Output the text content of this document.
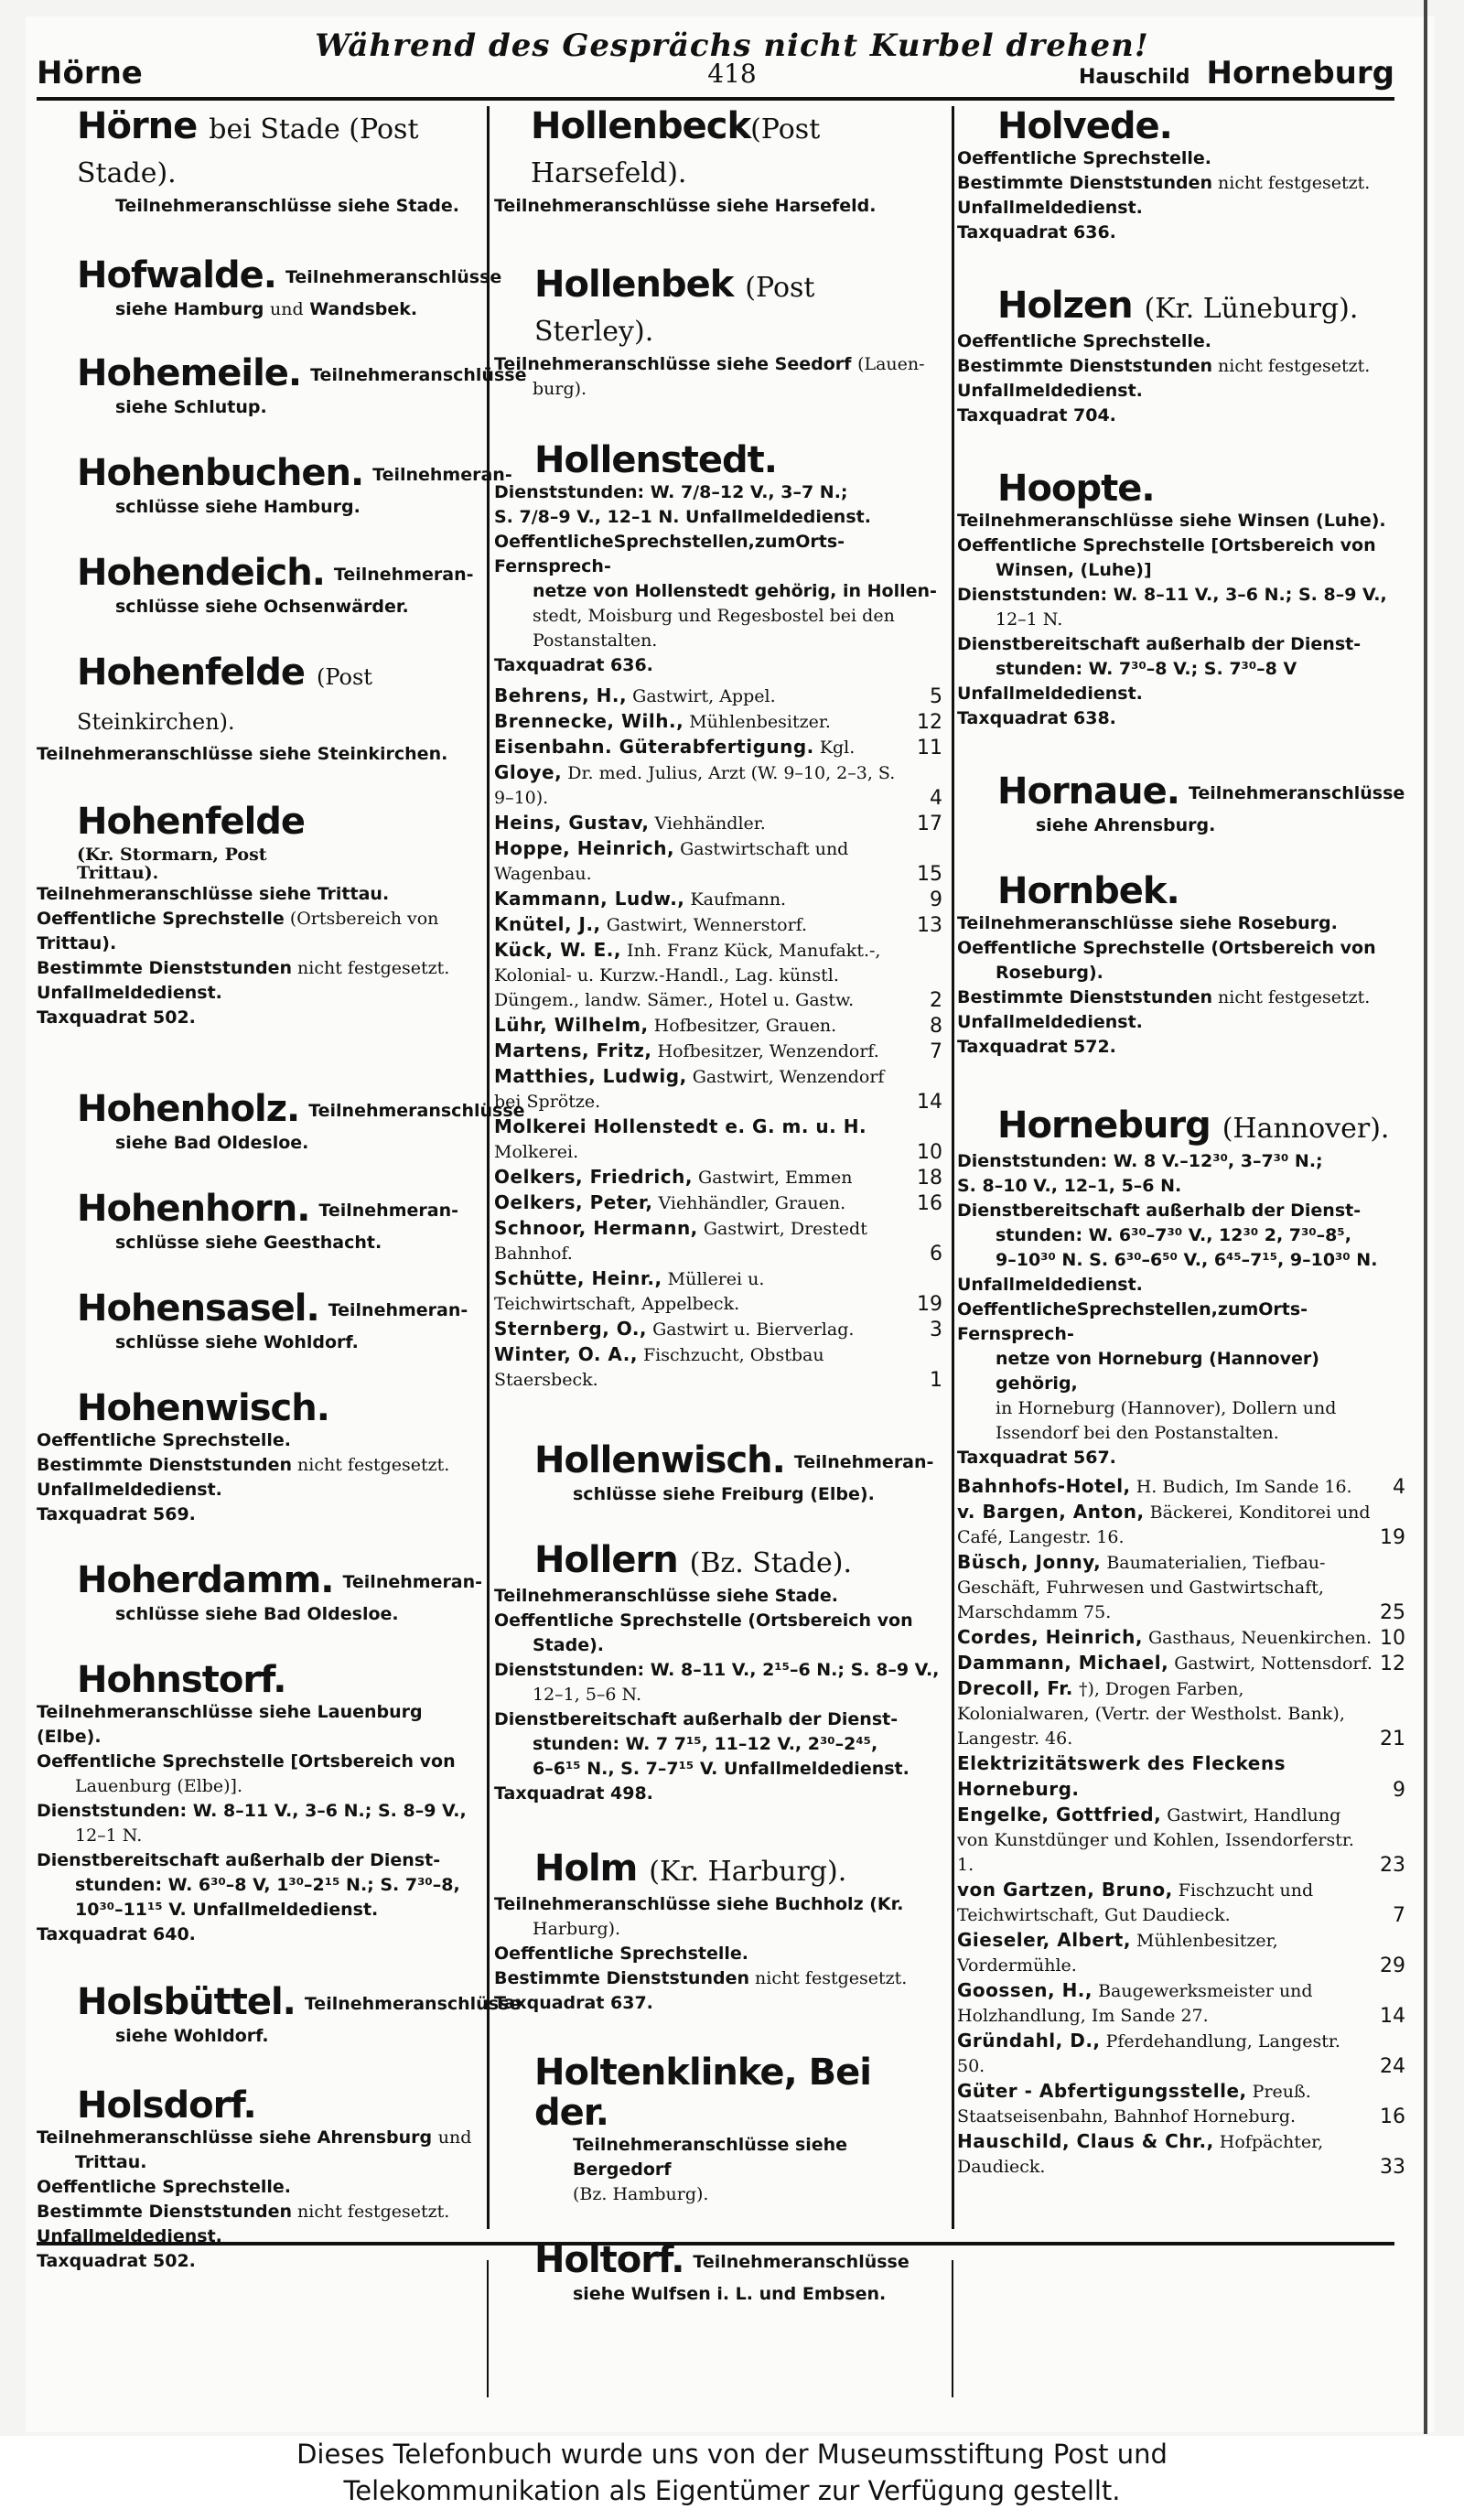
Während des Gesprächs nicht Kurbel drehen!
Hörne	418	Hauschild Horneburg
Hörne bei Stade (Post Stade).
Teilnehmeranschlüsse siehe Stade.
Hofwalde. Teilnehmeranschlüsse
siehe Hamburg und Wandsbek.
Hohemeile. Teilnehmeranschlüsse
siehe Schlutup.
Hohenbuchen. Teilnehmeran-
schlüsse siehe Hamburg.
Hohendeich. Teilnehmeran-
schlüsse siehe Ochsenwärder.
Hohenfelde (Post Steinkirchen).
Teilnehmeranschlüsse siehe Steinkirchen.
Hohenfelde (Kr. Stormarn, Post Trittau).
Teilnehmeranschlüsse siehe Trittau.
Oeffentliche Sprechstelle (Ortsbereich von
Trittau).
Bestimmte Dienststunden nicht festgesetzt.
Unfallmeldedienst.
Taxquadrat 502.
Hohenholz. Teilnehmeranschlüsse
siehe Bad Oldesloe.
Hohenhorn. Teilnehmeran-
schlüsse siehe Geesthacht.
Hohensasel. Teilnehmeran-
schlüsse siehe Wohldorf.
Hohenwisch.
Oeffentliche Sprechstelle.
Bestimmte Dienststunden nicht festgesetzt.
Unfallmeldedienst.
Taxquadrat 569.
Hoherdamm. Teilnehmeran-
schlüsse siehe Bad Oldesloe.
Hohnstorf.
Teilnehmeranschlüsse siehe Lauenburg (Elbe).
Oeffentliche Sprechstelle [Ortsbereich von
Lauenburg (Elbe)].
Dienststunden: W. 8–11 V., 3–6 N.; S. 8–9 V.,
12–1 N.
Dienstbereitschaft außerhalb der Dienst-
stunden: W. 6³⁰–8 V, 1³⁰–2¹⁵ N.; S. 7³⁰–8,
10³⁰–11¹⁵ V. Unfallmeldedienst.
Taxquadrat 640.
Holsbüttel. Teilnehmeranschlüsse
siehe Wohldorf.
Holsdorf.
Teilnehmeranschlüsse siehe Ahrensburg und
Trittau.
Oeffentliche Sprechstelle.
Bestimmte Dienststunden nicht festgesetzt.
Unfallmeldedienst.
Taxquadrat 502.
Hollenbeck(Post Harsefeld).
Teilnehmeranschlüsse siehe Harsefeld.
Hollenbek (Post Sterley).
Teilnehmeranschlüsse siehe Seedorf (Lauen-
burg).
Hollenstedt.
Dienststunden: W. 7/8–12 V., 3–7 N.;
S. 7/8–9 V., 12–1 N. Unfallmeldedienst.
OeffentlicheSprechstellen,zumOrts-Fernsprech-
netze von Hollenstedt gehörig, in Hollen-
stedt, Moisburg und Regesbostel bei den
Postanstalten.
Taxquadrat 636.
Behrens, H., Gastwirt, Appel.	5
Brennecke, Wilh., Mühlenbesitzer.	12
Eisenbahn. Güterabfertigung. Kgl.	11
Gloye, Dr. med. Julius, Arzt (W. 9–10, 2–3, S. 9–10).	4
Heins, Gustav, Viehhändler.	17
Hoppe, Heinrich, Gastwirtschaft und Wagenbau.	15
Kammann, Ludw., Kaufmann.	9
Knütel, J., Gastwirt, Wennerstorf.	13
Kück, W. E., Inh. Franz Kück, Manufakt.-, Kolonial- u. Kurzw.-Handl., Lag. künstl. Düngem., landw. Sämer., Hotel u. Gastw.	2
Lühr, Wilhelm, Hofbesitzer, Grauen.	8
Martens, Fritz, Hofbesitzer, Wenzendorf.	7
Matthies, Ludwig, Gastwirt, Wenzendorf bei Sprötze.	14
Molkerei Hollenstedt e. G. m. u. H. Molkerei.	10
Oelkers, Friedrich, Gastwirt, Emmen	18
Oelkers, Peter, Viehhändler, Grauen.	16
Schnoor, Hermann, Gastwirt, Drestedt Bahnhof.	6
Schütte, Heinr., Müllerei u. Teichwirtschaft, Appelbeck.	19
Sternberg, O., Gastwirt u. Bierverlag.	3
Winter, O. A., Fischzucht, Obstbau Staersbeck.	1
Hollenwisch. Teilnehmeran-
schlüsse siehe Freiburg (Elbe).
Hollern (Bz. Stade).
Teilnehmeranschlüsse siehe Stade.
Oeffentliche Sprechstelle (Ortsbereich von
Stade).
Dienststunden: W. 8–11 V., 2¹⁵–6 N.; S. 8–9 V.,
12–1, 5–6 N.
Dienstbereitschaft außerhalb der Dienst-
stunden: W. 7 7¹⁵, 11–12 V., 2³⁰–2⁴⁵,
6–6¹⁵ N., S. 7–7¹⁵ V. Unfallmeldedienst.
Taxquadrat 498.
Holm (Kr. Harburg).
Teilnehmeranschlüsse siehe Buchholz (Kr.
Harburg).
Oeffentliche Sprechstelle.
Bestimmte Dienststunden nicht festgesetzt.
Taxquadrat 637.
Holtenklinke, Bei der.
Teilnehmeranschlüsse siehe Bergedorf
(Bz. Hamburg).
Holtorf. Teilnehmeranschlüsse
siehe Wulfsen i. L. und Embsen.
Holvede.
Oeffentliche Sprechstelle.
Bestimmte Dienststunden nicht festgesetzt.
Unfallmeldedienst.
Taxquadrat 636.
Holzen (Kr. Lüneburg).
Oeffentliche Sprechstelle.
Bestimmte Dienststunden nicht festgesetzt.
Unfallmeldedienst.
Taxquadrat 704.
Hoopte.
Teilnehmeranschlüsse siehe Winsen (Luhe).
Oeffentliche Sprechstelle [Ortsbereich von
Winsen, (Luhe)]
Dienststunden: W. 8–11 V., 3–6 N.; S. 8–9 V.,
12–1 N.
Dienstbereitschaft außerhalb der Dienst-
stunden: W. 7³⁰–8 V.; S. 7³⁰–8 V
Unfallmeldedienst.
Taxquadrat 638.
Hornaue. Teilnehmeranschlüsse
siehe Ahrensburg.
Hornbek.
Teilnehmeranschlüsse siehe Roseburg.
Oeffentliche Sprechstelle (Ortsbereich von
Roseburg).
Bestimmte Dienststunden nicht festgesetzt.
Unfallmeldedienst.
Taxquadrat 572.
Horneburg (Hannover).
Dienststunden: W. 8 V.–12³⁰, 3–7³⁰ N.;
S. 8–10 V., 12–1, 5–6 N.
Dienstbereitschaft außerhalb der Dienst-
stunden: W. 6³⁰–7³⁰ V., 12³⁰ 2, 7³⁰–8⁵,
9–10³⁰ N. S. 6³⁰–6⁵⁰ V., 6⁴⁵–7¹⁵, 9–10³⁰ N.
Unfallmeldedienst.
OeffentlicheSprechstellen,zumOrts-Fernsprech-
netze von Horneburg (Hannover) gehörig,
in Horneburg (Hannover), Dollern und
Issendorf bei den Postanstalten.
Taxquadrat 567.
Bahnhofs-Hotel, H. Budich, Im Sande 16.	4
v. Bargen, Anton, Bäckerei, Konditorei und Café, Langestr. 16.	19
Büsch, Jonny, Baumaterialien, Tiefbau-Geschäft, Fuhrwesen und Gastwirtschaft, Marschdamm 75.	25
Cordes, Heinrich, Gasthaus, Neuenkirchen. 10
Dammann, Michael, Gastwirt, Nottensdorf. 12
Drecoll, Fr. †), Drogen Farben, Kolonialwaren, (Vertr. der Westholst. Bank), Langestr. 46.	21
Elektrizitätswerk des Fleckens Horneburg.	9
Engelke, Gottfried, Gastwirt, Handlung von Kunstdünger und Kohlen, Issendorferstr. 1.	23
von Gartzen, Bruno, Fischzucht und Teichwirtschaft, Gut Daudieck.	7
Gieseler, Albert, Mühlenbesitzer, Vordermühle.	29
Goossen, H., Baugewerksmeister und Holzhandlung, Im Sande 27.	14
Gründahl, D., Pferdehandlung, Langestr. 50.	24
Güter - Abfertigungsstelle, Preuß. Staatseisenbahn, Bahnhof Horneburg.	16
Hauschild, Claus & Chr., Hofpächter, Daudieck.	33
Dieses Telefonbuch wurde uns von der Museumsstiftung Post und
Telekommunikation als Eigentümer zur Verfügung gestellt.
